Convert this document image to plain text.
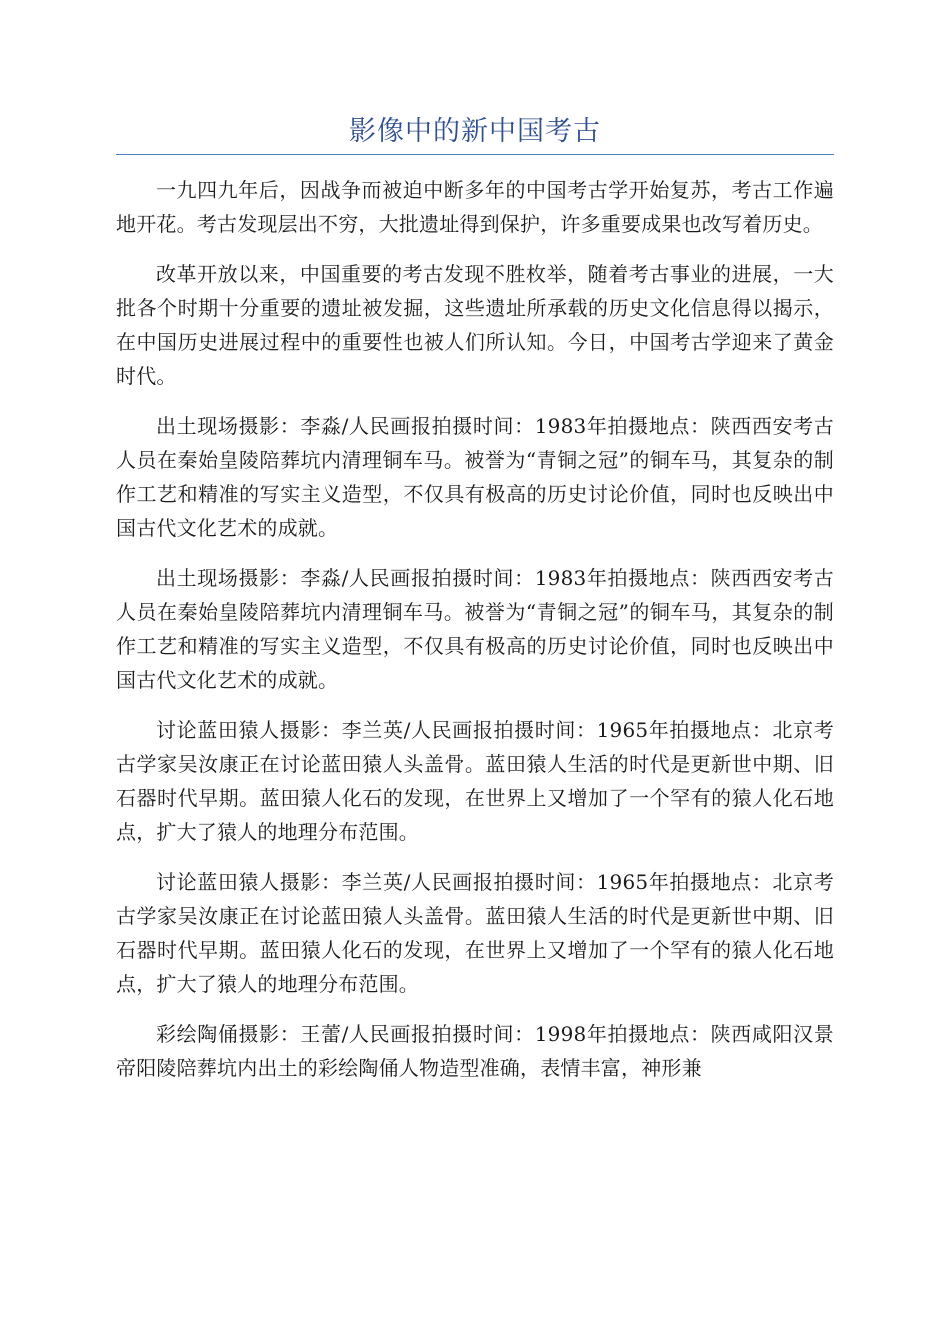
影像中的新中国考古

一九四九年后，因战争而被迫中断多年的中国考古学开始复苏，考古工作遍地开花。考古发现层出不穷，大批遗址得到保护，许多重要成果也改写着历史。

改革开放以来，中国重要的考古发现不胜枚举，随着考古事业的进展，一大批各个时期十分重要的遗址被发掘，这些遗址所承载的历史文化信息得以揭示，在中国历史进展过程中的重要性也被人们所认知。今日，中国考古学迎来了黄金时代。

出土现场摄影：李淼/人民画报拍摄时间：1983年拍摄地点：陕西西安考古人员在秦始皇陵陪葬坑内清理铜车马。被誉为“青铜之冠”的铜车马，其复杂的制作工艺和精准的写实主义造型，不仅具有极高的历史讨论价值，同时也反映出中国古代文化艺术的成就。

出土现场摄影：李淼/人民画报拍摄时间：1983年拍摄地点：陕西西安考古人员在秦始皇陵陪葬坑内清理铜车马。被誉为“青铜之冠”的铜车马，其复杂的制作工艺和精准的写实主义造型，不仅具有极高的历史讨论价值，同时也反映出中国古代文化艺术的成就。

讨论蓝田猿人摄影：李兰英/人民画报拍摄时间：1965年拍摄地点：北京考古学家吴汝康正在讨论蓝田猿人头盖骨。蓝田猿人生活的时代是更新世中期、旧石器时代早期。蓝田猿人化石的发现，在世界上又增加了一个罕有的猿人化石地点，扩大了猿人的地理分布范围。

讨论蓝田猿人摄影：李兰英/人民画报拍摄时间：1965年拍摄地点：北京考古学家吴汝康正在讨论蓝田猿人头盖骨。蓝田猿人生活的时代是更新世中期、旧石器时代早期。蓝田猿人化石的发现，在世界上又增加了一个罕有的猿人化石地点，扩大了猿人的地理分布范围。

彩绘陶俑摄影：王蕾/人民画报拍摄时间：1998年拍摄地点：陕西咸阳汉景帝阳陵陪葬坑内出土的彩绘陶俑人物造型准确，表情丰富，神形兼
